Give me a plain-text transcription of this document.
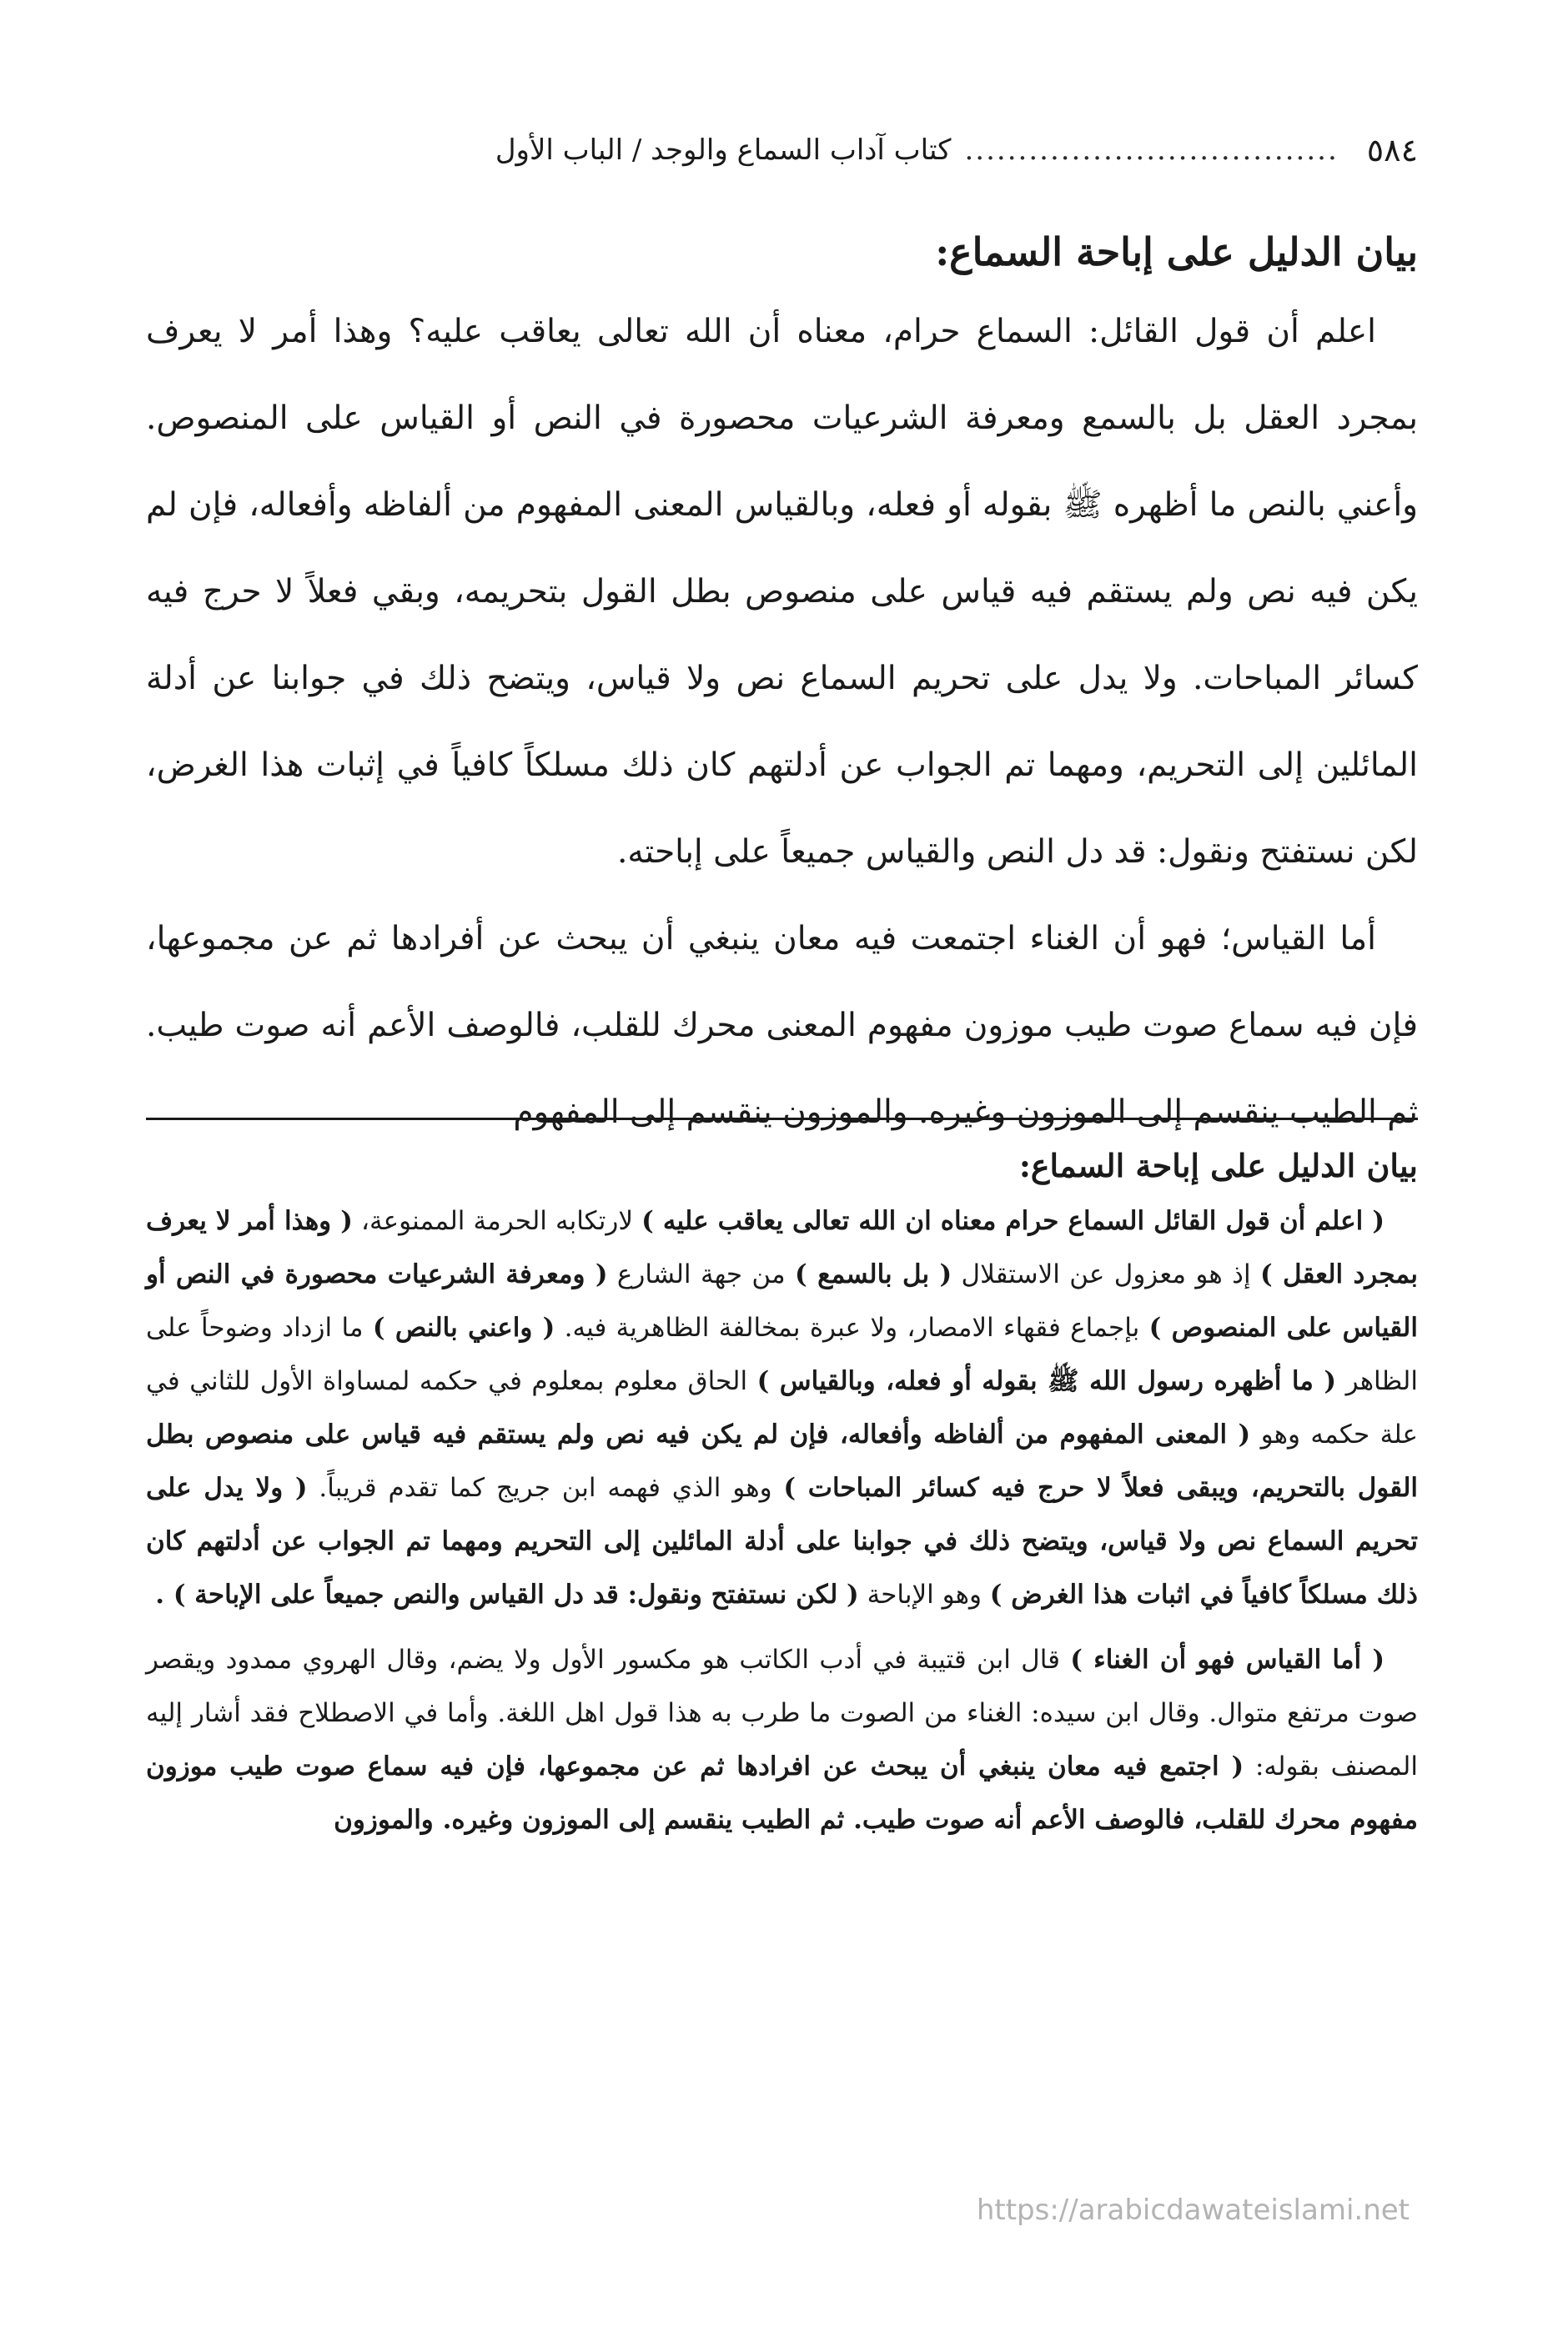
٥٨٤
...................................
كتاب آداب السماع والوجد / الباب الأول
بيان الدليل على إباحة السماع:

اعلم أن قول القائل: السماع حرام، معناه أن الله تعالى يعاقب عليه؟ وهذا أمر لا يعرف بمجرد العقل بل بالسمع ومعرفة الشرعيات محصورة في النص أو القياس على المنصوص. وأعني بالنص ما أظهره ﷺ بقوله أو فعله، وبالقياس المعنى المفهوم من ألفاظه وأفعاله، فإن لم يكن فيه نص ولم يستقم فيه قياس على منصوص بطل القول بتحريمه، وبقي فعلاً لا حرج فيه كسائر المباحات. ولا يدل على تحريم السماع نص ولا قياس، ويتضح ذلك في جوابنا عن أدلة المائلين إلى التحريم، ومهما تم الجواب عن أدلتهم كان ذلك مسلكاً كافياً في إثبات هذا الغرض، لكن نستفتح ونقول: قد دل النص والقياس جميعاً على إباحته.

أما القياس؛ فهو أن الغناء اجتمعت فيه معان ينبغي أن يبحث عن أفرادها ثم عن مجموعها، فإن فيه سماع صوت طيب موزون مفهوم المعنى محرك للقلب، فالوصف الأعم أنه صوت طيب. ثم الطيب ينقسم إلى الموزون وغيره. والموزون ينقسم إلى المفهوم

بيان الدليل على إباحة السماع:

( اعلم أن قول القائل السماع حرام معناه ان الله تعالى يعاقب عليه ) لارتكابه الحرمة الممنوعة، ( وهذا أمر لا يعرف بمجرد العقل ) إذ هو معزول عن الاستقلال ( بل بالسمع ) من جهة الشارع ( ومعرفة الشرعيات محصورة في النص أو القياس على المنصوص ) بإجماع فقهاء الامصار، ولا عبرة بمخالفة الظاهرية فيه. ( واعني بالنص ) ما ازداد وضوحاً على الظاهر ( ما أظهره رسول الله ﷺ بقوله أو فعله، وبالقياس ) الحاق معلوم بمعلوم في حكمه لمساواة الأول للثاني في علة حكمه وهو ( المعنى المفهوم من ألفاظه وأفعاله، فإن لم يكن فيه نص ولم يستقم فيه قياس على منصوص بطل القول بالتحريم، ويبقى فعلاً لا حرج فيه كسائر المباحات ) وهو الذي فهمه ابن جريج كما تقدم قريباً. ( ولا يدل على تحريم السماع نص ولا قياس، ويتضح ذلك في جوابنا على أدلة المائلين إلى التحريم ومهما تم الجواب عن أدلتهم كان ذلك مسلكاً كافياً في اثبات هذا الغرض ) وهو الإباحة ( لكن نستفتح ونقول: قد دل القياس والنص جميعاً على الإباحة ) .

( أما القياس فهو أن الغناء ) قال ابن قتيبة في أدب الكاتب هو مكسور الأول ولا يضم، وقال الهروي ممدود ويقصر صوت مرتفع متوال. وقال ابن سيده: الغناء من الصوت ما طرب به هذا قول اهل اللغة. وأما في الاصطلاح فقد أشار إليه المصنف بقوله: ( اجتمع فيه معان ينبغي أن يبحث عن افرادها ثم عن مجموعها، فإن فيه سماع صوت طيب موزون مفهوم محرك للقلب، فالوصف الأعم أنه صوت طيب. ثم الطيب ينقسم إلى الموزون وغيره. والموزون

https://arabicdawateislami.net
